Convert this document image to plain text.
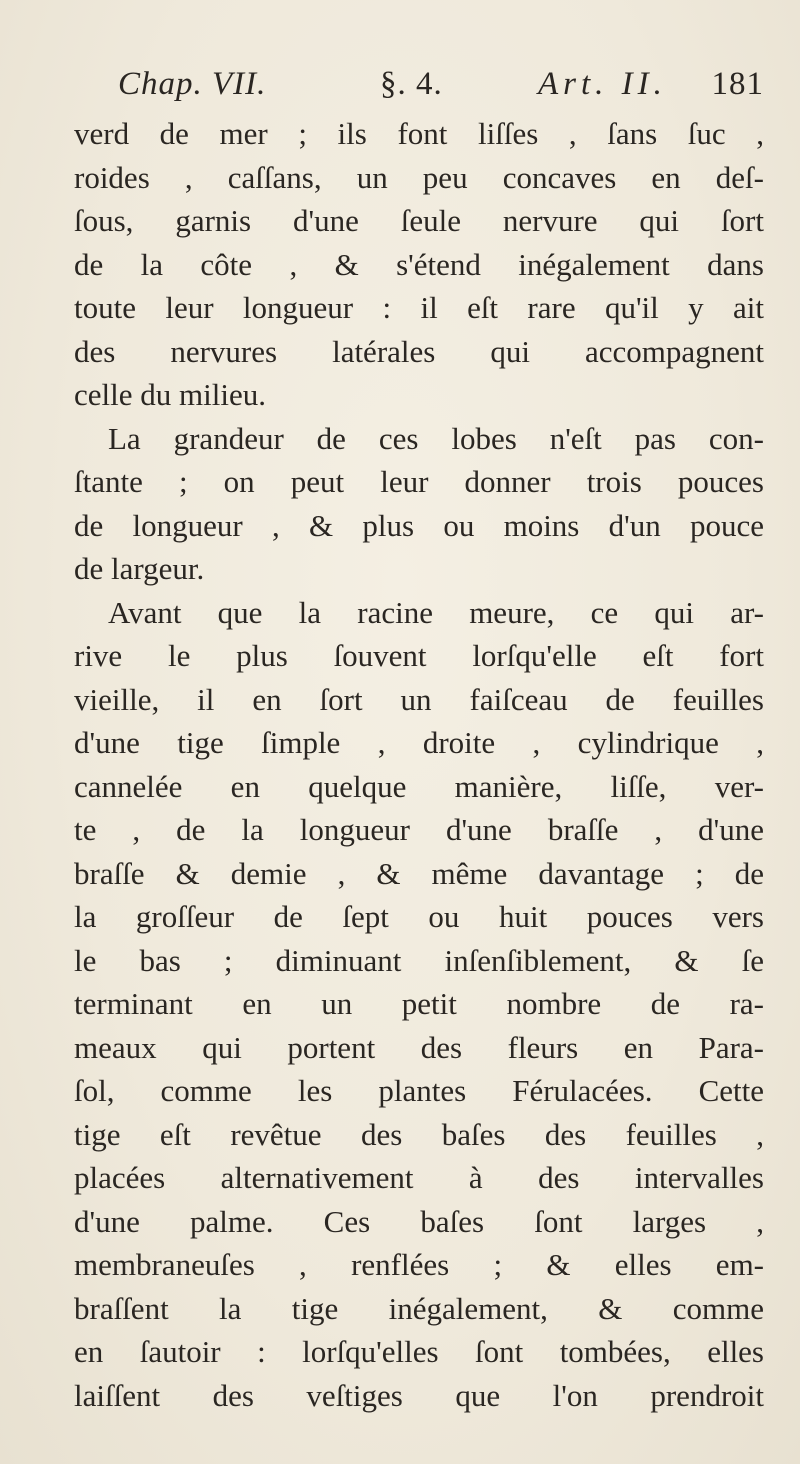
Chap. VII.	§. 4.	Art. II. 181
verd de mer ; ils font liſſes , ſans ſuc ,
roides , caſſans, un peu concaves en deſ-
ſous, garnis d'une ſeule nervure qui ſort
de la côte , & s'étend inégalement dans
toute leur longueur : il eſt rare qu'il y ait
des nervures latérales qui accompagnent
celle du milieu.
La grandeur de ces lobes n'eſt pas con-
ſtante ; on peut leur donner trois pouces
de longueur , & plus ou moins d'un pouce
de largeur.
Avant que la racine meure, ce qui ar-
rive le plus ſouvent lorſqu'elle eſt fort
vieille, il en ſort un faiſceau de feuilles
d'une tige ſimple , droite , cylindrique ,
cannelée en quelque manière, liſſe, ver-
te , de la longueur d'une braſſe , d'une
braſſe & demie , & même davantage ; de
la groſſeur de ſept ou huit pouces vers
le bas ; diminuant inſenſiblement, & ſe
terminant en un petit nombre de ra-
meaux qui portent des fleurs en Para-
ſol, comme les plantes Férulacées. Cette
tige eſt revêtue des baſes des feuilles ,
placées alternativement à des intervalles
d'une palme. Ces baſes ſont larges ,
membraneuſes , renflées ; & elles em-
braſſent la tige inégalement, & comme
en ſautoir : lorſqu'elles ſont tombées, elles
laiſſent des veſtiges que l'on prendroit
